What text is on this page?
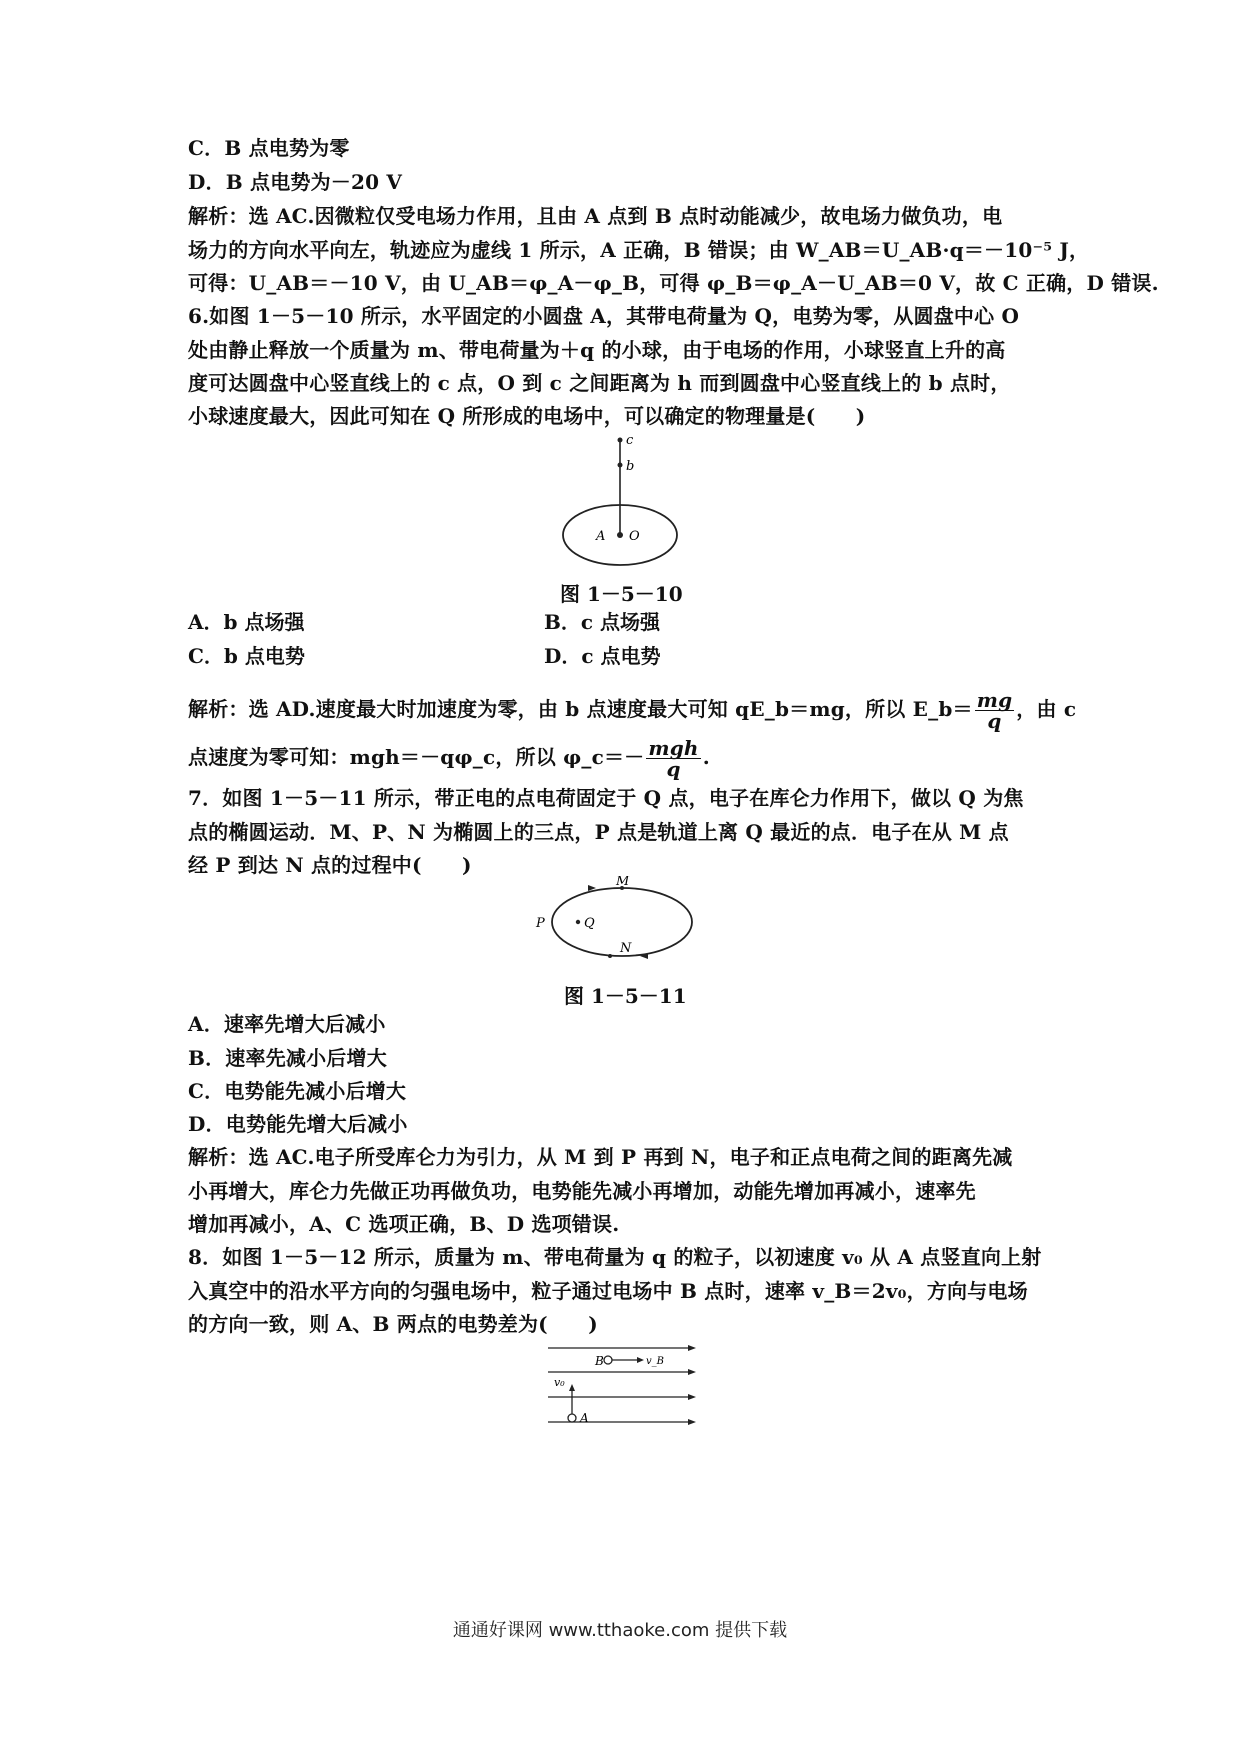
C．B 点电势为零
D．B 点电势为－20 V
解析：选 AC.因微粒仅受电场力作用，且由 A 点到 B 点时动能减少，故电场力做负功，电
场力的方向水平向左，轨迹应为虚线 1 所示，A 正确，B 错误；由 W_AB＝U_AB·q＝－10⁻⁵ J，
可得：U_AB＝－10 V，由 U_AB＝φ_A－φ_B，可得 φ_B＝φ_A－U_AB＝0 V，故 C 正确，D 错误.
6.如图 1－5－10 所示，水平固定的小圆盘 A，其带电荷量为 Q，电势为零，从圆盘中心 O
处由静止释放一个质量为 m、带电荷量为＋q 的小球，由于电场的作用，小球竖直上升的高
度可达圆盘中心竖直线上的 c 点，O 到 c 之间距离为 h 而到圆盘中心竖直线上的 b 点时，
小球速度最大，因此可知在 Q 所形成的电场中，可以确定的物理量是(　　)
c
b
A O
图 1－5－10
A．b 点场强	B．c 点场强
C．b 点电势	D．c 点电势
解析：选 AD.速度最大时加速度为零，由 b 点速度最大可知 qE_b＝mg，所以 E_b＝ $\frac{mg}{q}$ ，由 c
点速度为零可知：mgh＝－qφ_c，所以 φ_c＝－ mgh
q	.
7．如图 1－5－11 所示，带正电的点电荷固定于 Q 点，电子在库仑力作用下，做以 Q 为焦
点的椭圆运动．M、P、N 为椭圆上的三点，P 点是轨道上离 Q 最近的点．电子在从 M 点
经 P 到达 N 点的过程中(　　)
M
P	Q
N
图 1－5－11
A．速率先增大后减小
B．速率先减小后增大
C．电势能先减小后增大
D．电势能先增大后减小
解析：选 AC.电子所受库仑力为引力，从 M 到 P 再到 N，电子和正点电荷之间的距离先减
小再增大，库仑力先做正功再做负功，电势能先减小再增加，动能先增加再减小，速率先
增加再减小，A、C 选项正确，B、D 选项错误.
8．如图 1－5－12 所示，质量为 m、带电荷量为 q 的粒子，以初速度 v₀ 从 A 点竖直向上射
入真空中的沿水平方向的匀强电场中，粒子通过电场中 B 点时，速率 v_B＝2v₀，方向与电场
的方向一致，则 A、B 两点的电势差为(　　)
B	v_B
v₀
A
通通好课网 www.tthaoke.com 提供下载
